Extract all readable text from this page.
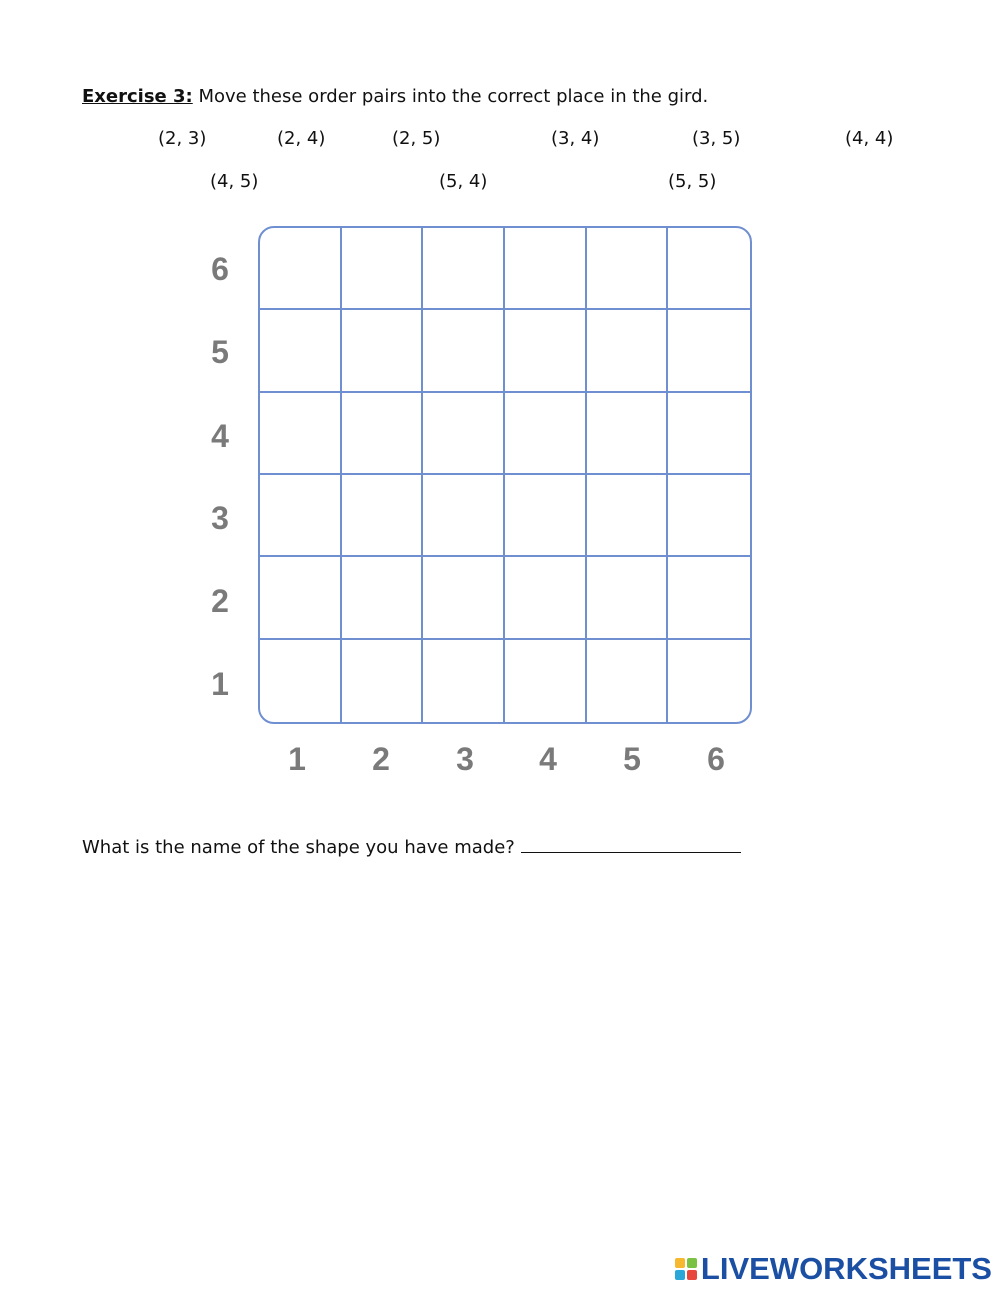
Exercise 3: Move these order pairs into the correct place in the gird.
(2, 3)	(2, 4)	(2, 5)	(3, 4)	(3, 5)	(4, 4)
(4, 5)	(5, 4)	(5, 5)
6
5
4
3
2
1
1 2 3 4 5 6
What is the name of the shape you have made?
LIVEWORKSHEETS
